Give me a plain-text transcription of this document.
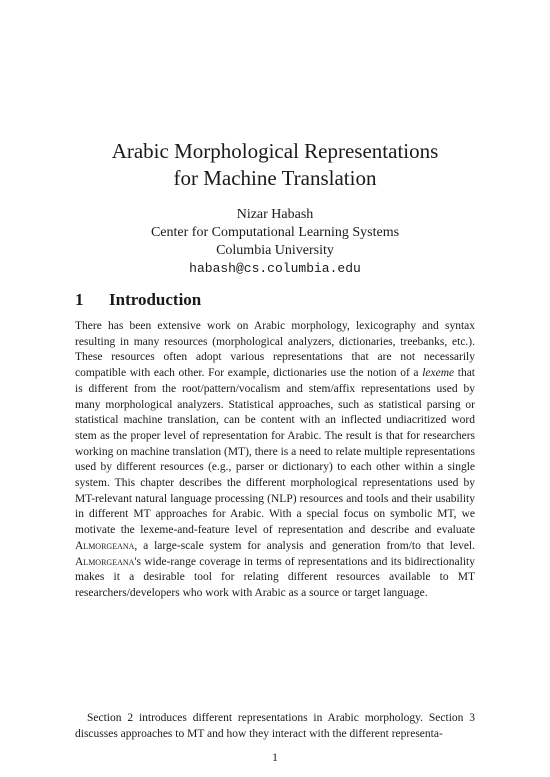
Arabic Morphological Representations
for Machine Translation
Nizar Habash
Center for Computational Learning Systems
Columbia University
habash@cs.columbia.edu
1 Introduction
There has been extensive work on Arabic morphology, lexicography and syntax resulting in many resources (morphological analyzers, dictionaries, treebanks, etc.). These resources often adopt various representations that are not necessarily compatible with each other. For example, dictionaries use the notion of a lexeme that is different from the root/pattern/vocalism and stem/affix representations used by many morphological analyzers. Statistical approaches, such as statistical parsing or statistical machine translation, can be content with an inflected undiacritized word stem as the proper level of representation for Arabic. The result is that for researchers working on machine translation (MT), there is a need to relate multiple representations used by different resources (e.g., parser or dictionary) to each other within a single system. This chapter describes the different morphological representations used by MT-relevant natural language processing (NLP) resources and tools and their usability in different MT approaches for Arabic. With a special focus on symbolic MT, we motivate the lexeme-and-feature level of representation and describe and evaluate Almorgeana, a large-scale system for analysis and generation from/to that level. Almorgeana's wide-range coverage in terms of representations and its bidirectionality makes it a desirable tool for relating different resources available to MT researchers/developers who work with Arabic as a source or target language.
Section 2 introduces different representations in Arabic morphology. Section 3 discusses approaches to MT and how they interact with the different representa-
1
